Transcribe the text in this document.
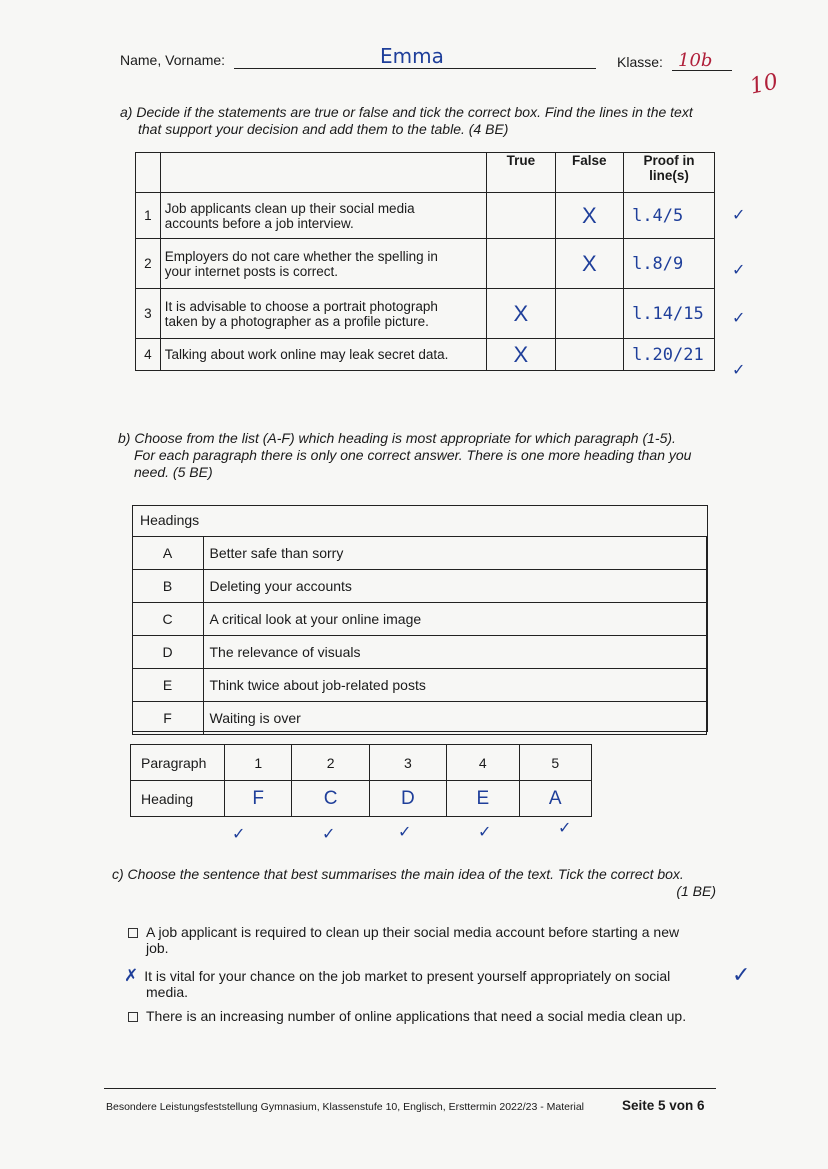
Name, Vorname:	Emma	Klasse: 10b
10
a) Decide if the statements are true or false and tick the correct box. Find the lines in the text
that support your decision and add them to the table. (4 BE)
		True	False	Proof in
line(s)

1	Job applicants clean up their social media
accounts before a job interview.		X	l.4/5
2	Employers do not care whether the spelling in
your internet posts is correct.		X	l.8/9
3	It is advisable to choose a portrait photograph
taken by a photographer as a profile picture.	X		l.14/15
4	Talking about work online may leak secret data.	X		l.20/21
✓
✓
✓
✓
b) Choose from the list (A-F) which heading is most appropriate for which paragraph (1-5).
For each paragraph there is only one correct answer. There is one more heading than you
need. (5 BE)
Headings
A	Better safe than sorry
B	Deleting your accounts
C	A critical look at your online image
D	The relevance of visuals
E	Think twice about job-related posts
F	Waiting is over
Paragraph	1	2	3	4	5
Heading	F	C	D	E	A
✓	✓	✓	✓	✓
c) Choose the sentence that best summarises the main idea of the text. Tick the correct box.
(1 BE)
A job applicant is required to clean up their social media account before starting a new
job.
✗ It is vital for your chance on the job market to present yourself appropriately on social
media.
✓
There is an increasing number of online applications that need a social media clean up.
Besondere Leistungsfeststellung Gymnasium, Klassenstufe 10, Englisch, Ersttermin 2022/23 - Material	Seite 5 von 6
